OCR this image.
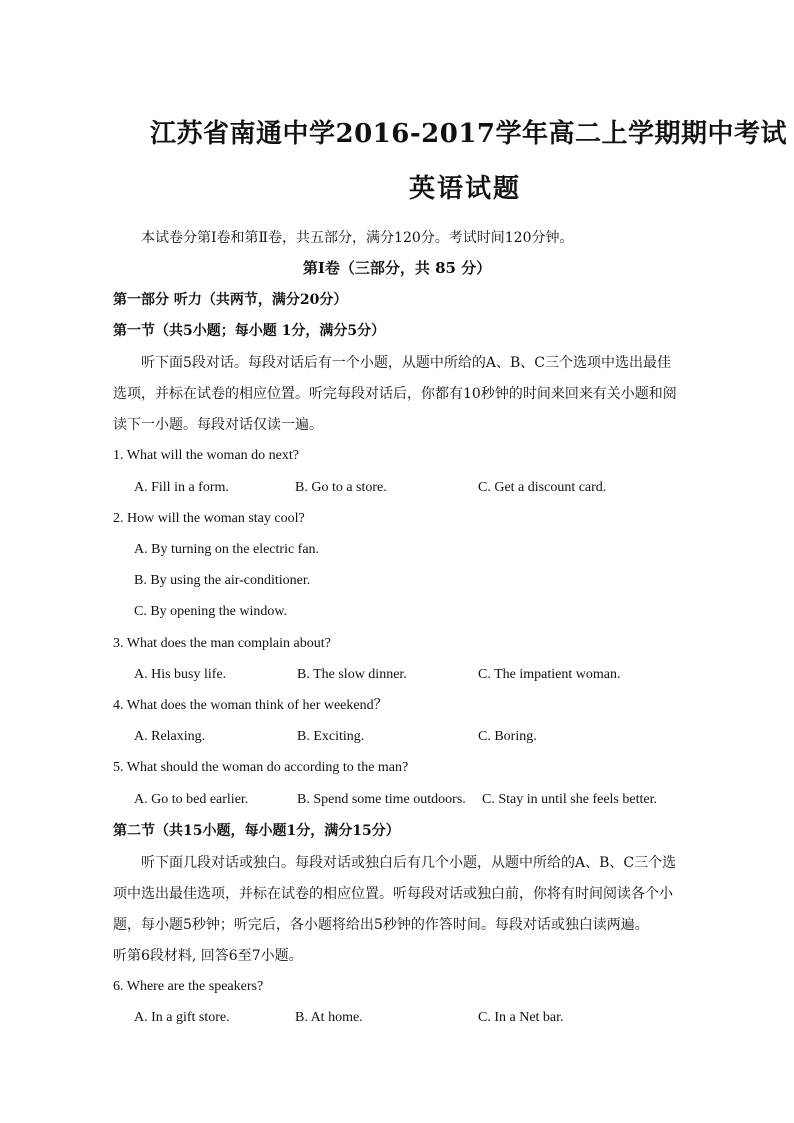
江苏省南通中学2016-2017学年高二上学期期中考试
英语试题
本试卷分第Ⅰ卷和第Ⅱ卷，共五部分，满分120分。考试时间120分钟。
第Ⅰ卷（三部分，共 85 分）
第一部分 听力（共两节，满分20分）
第一节（共5小题；每小题 1分，满分5分）
听下面5段对话。每段对话后有一个小题，从题中所给的A、B、C三个选项中选出最佳
选项，并标在试卷的相应位置。听完每段对话后，你都有10秒钟的时间来回来有关小题和阅
读下一小题。每段对话仅读一遍。
1. What will the woman do next?
A. Fill in a form.	B. Go to a store.	C. Get a discount card.
2. How will the woman stay cool?
A. By turning on the electric fan.
B. By using the air-conditioner.
C. By opening the window.
3. What does the man complain about?
A. His busy life.	B. The slow dinner.	C. The impatient woman.
4. What does the woman think of her weekend？
A. Relaxing.	B. Exciting.	C. Boring.
5. What should the woman do according to the man?
A. Go to bed earlier.	B. Spend some time outdoors. C. Stay in until she feels better.
第二节（共15小题，每小题1分，满分15分）
听下面几段对话或独白。每段对话或独白后有几个小题，从题中所给的A、B、C三个选
项中选出最佳选项，并标在试卷的相应位置。听每段对话或独白前，你将有时间阅读各个小
题，每小题5秒钟；听完后，各小题将给出5秒钟的作答时间。每段对话或独白读两遍。
听第6段材料, 回答6至7小题。
6. Where are the speakers?
A. In a gift store.	B. At home.	C. In a Net bar.
听下面5段对话。每段对话后有一个小题，从题中所给的A、B、C三个选项中选出最佳选项，并标在试卷的相应位置。听完每段对话后，你都有10秒钟的时间来回来有关小题和阅读下一小题。每段对话仅读一遍。
